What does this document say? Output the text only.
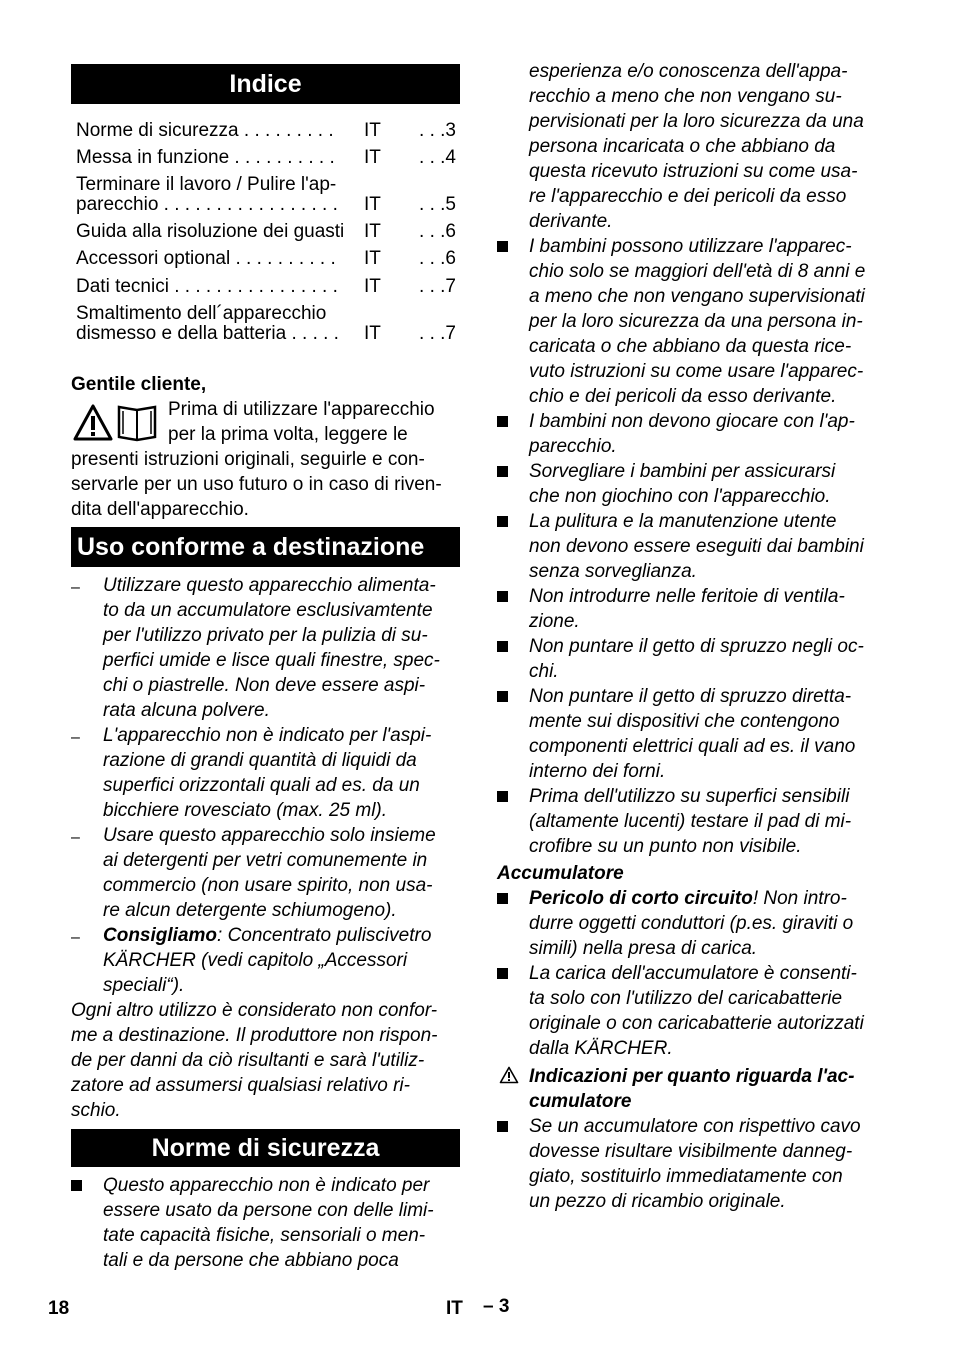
Indice
Norme di sicurezza . . . . . . . . .	IT	. . .3
Messa in funzione . . . . . . . . . .	IT	. . .4
Terminare il lavoro / Pulire l'ap-
parecchio . . . . . . . . . . . . . . . . .	IT	. . .5
Guida alla risoluzione dei guasti	IT	. . .6
Accessori optional . . . . . . . . . .	IT	. . .6
Dati tecnici . . . . . . . . . . . . . . . .	IT	. . .7
Smaltimento dell´apparecchio
dismesso e della batteria . . . . .	IT	. . .7
Gentile cliente,
Prima di utilizzare l'apparecchio
per la prima volta, leggere le
presenti istruzioni originali, seguirle e con-
servarle per un uso futuro o in caso di riven-
dita dell'apparecchio.
Uso conforme a destinazione
– Utilizzare questo apparecchio alimenta-
to da un accumulatore esclusivamtente
per l'utilizzo privato per la pulizia di su-
perfici umide e lisce quali finestre, spec-
chi o piastrelle. Non deve essere aspi-
rata alcuna polvere.
– L'apparecchio non è indicato per l'aspi-
razione di grandi quantità di liquidi da
superfici orizzontali quali ad es. da un
bicchiere rovesciato (max. 25 ml).
– Usare questo apparecchio solo insieme
ai detergenti per vetri comunemente in
commercio (non usare spirito, non usa-
re alcun detergente schiumogeno).
– Consigliamo: Concentrato puliscivetro
KÄRCHER (vedi capitolo „Accessori
speciali“).
Ogni altro utilizzo è considerato non confor-
me a destinazione. Il produttore non rispon-
de per danni da ciò risultanti e sarà l'utiliz-
zatore ad assumersi qualsiasi relativo ri-
schio.
Norme di sicurezza
Questo apparecchio non è indicato per
essere usato da persone con delle limi-
tate capacità fisiche, sensoriali o men-
tali e da persone che abbiano poca
esperienza e/o conoscenza dell'appa-
recchio a meno che non vengano su-
pervisionati per la loro sicurezza da una
persona incaricata o che abbiano da
questa ricevuto istruzioni su come usa-
re l'apparecchio e dei pericoli da esso
derivante.
I bambini possono utilizzare l'apparec-
chio solo se maggiori dell'età di 8 anni e
a meno che non vengano supervisionati
per la loro sicurezza da una persona in-
caricata o che abbiano da questa rice-
vuto istruzioni su come usare l'apparec-
chio e dei pericoli da esso derivante.
I bambini non devono giocare con l'ap-
parecchio.
Sorvegliare i bambini per assicurarsi
che non giochino con l'apparecchio.
La pulitura e la manutenzione utente
non devono essere eseguiti dai bambini
senza sorveglianza.
Non introdurre nelle feritoie di ventila-
zione.
Non puntare il getto di spruzzo negli oc-
chi.
Non puntare il getto di spruzzo diretta-
mente sui dispositivi che contengono
componenti elettrici quali ad es. il vano
interno dei forni.
Prima dell'utilizzo su superfici sensibili
(altamente lucenti) testare il pad di mi-
crofibre su un punto non visibile.
Accumulatore
Pericolo di corto circuito! Non intro-
durre oggetti conduttori (p.es. giraviti o
simili) nella presa di carica.
La carica dell'accumulatore è consenti-
ta solo con l'utilizzo del caricabatterie
originale o con caricabatterie autorizzati
dalla KÄRCHER.
Indicazioni per quanto riguarda l'ac-
cumulatore
Se un accumulatore con rispettivo cavo
dovesse risultare visibilmente danneg-
giato, sostituirlo immediatamente con
un pezzo di ricambio originale.
18	IT – 3
